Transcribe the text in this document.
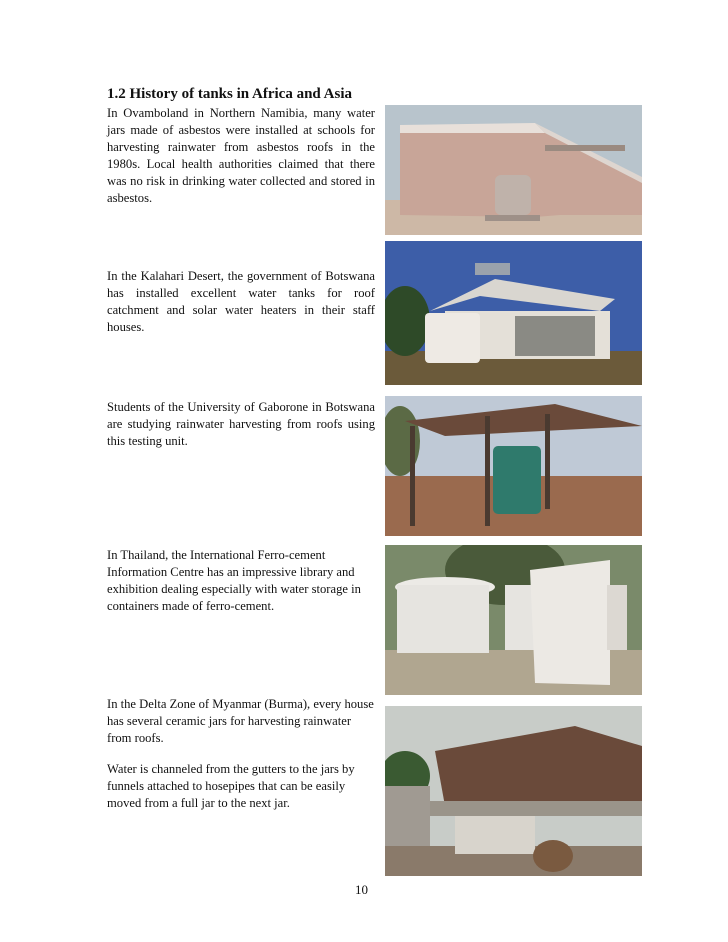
1.2 History of tanks in Africa and Asia

In Ovamboland in Northern Namibia, many water jars made of asbestos were installed at schools for harvesting rainwater from asbestos roofs in the 1980s. Local health authorities claimed that there was no risk in drinking water collected and stored in asbestos.

In the Kalahari Desert, the government of Botswana has installed excellent water tanks for roof catchment and solar water heaters in their staff houses.

Students of the University of Gaborone in Botswana are studying rainwater harvesting from roofs using this testing unit.

In Thailand, the International Ferro-cement Information Centre has an impressive library and exhibition dealing especially with water storage in containers made of ferro-cement.

In the Delta Zone of Myanmar (Burma), every house has several ceramic jars for harvesting rainwater from roofs.

Water is channeled from the gutters to the jars by funnels attached to hosepipes that can be easily moved from a full jar to the next jar.

10
